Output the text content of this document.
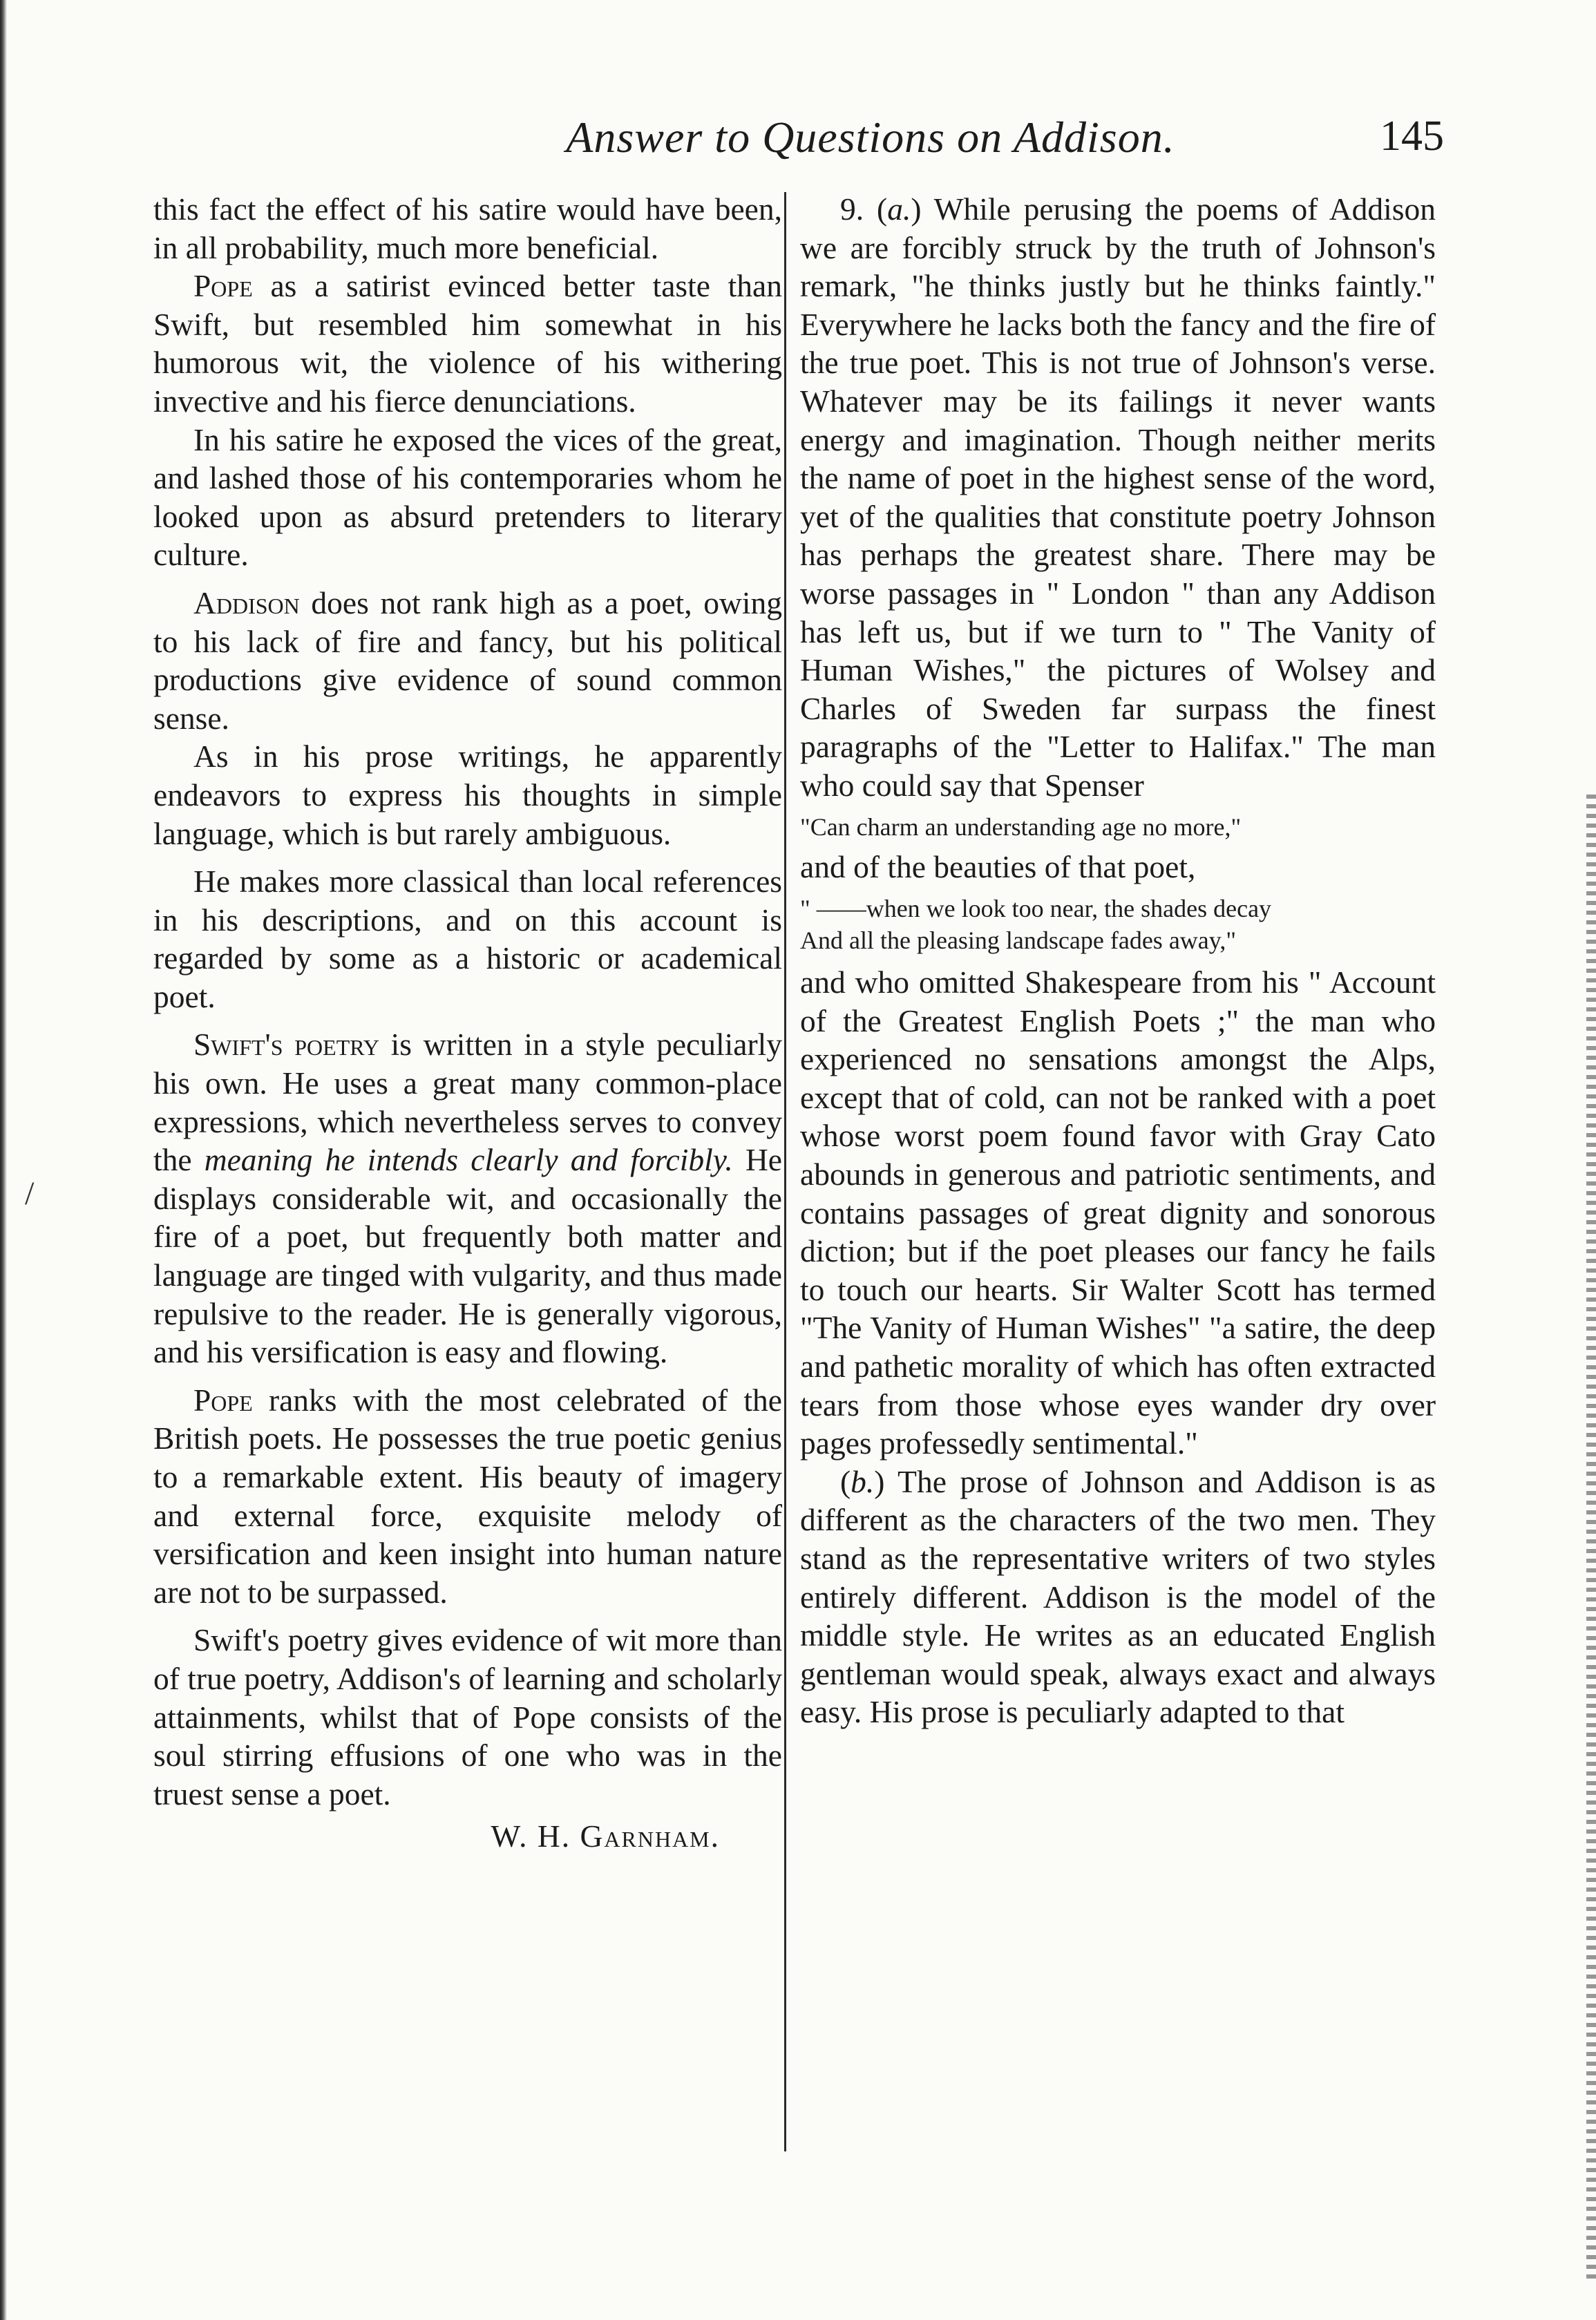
/
Answer to Questions on Addison.	145

this fact the effect of his satire would have been, in all probability, much more beneficial.

Pope as a satirist evinced better taste than Swift, but resembled him somewhat in his humorous wit, the violence of his withering invective and his fierce denunciations.

In his satire he exposed the vices of the great, and lashed those of his contemporaries whom he looked upon as absurd pretenders to literary culture.

Addison does not rank high as a poet, owing to his lack of fire and fancy, but his political productions give evidence of sound common sense.

As in his prose writings, he apparently endeavors to express his thoughts in simple language, which is but rarely ambiguous.

He makes more classical than local references in his descriptions, and on this account is regarded by some as a historic or academical poet.

Swift's poetry is written in a style peculiarly his own. He uses a great many common-place expressions, which nevertheless serves to convey the meaning he intends clearly and forcibly. He displays considerable wit, and occasionally the fire of a poet, but frequently both matter and language are tinged with vulgarity, and thus made repulsive to the reader. He is generally vigorous, and his versification is easy and flowing.

Pope ranks with the most celebrated of the British poets. He possesses the true poetic genius to a remarkable extent. His beauty of imagery and external force, exquisite melody of versification and keen insight into human nature are not to be surpassed.

Swift's poetry gives evidence of wit more than of true poetry, Addison's of learning and scholarly attainments, whilst that of Pope consists of the soul stirring effusions of one who was in the truest sense a poet.

W. H. Garnham.

9. (a.) While perusing the poems of Addison we are forcibly struck by the truth of Johnson's remark, "he thinks justly but he thinks faintly." Everywhere he lacks both the fancy and the fire of the true poet. This is not true of Johnson's verse. Whatever may be its failings it never wants energy and imagination. Though neither merits the name of poet in the highest sense of the word, yet of the qualities that constitute poetry Johnson has perhaps the greatest share. There may be worse passages in " London " than any Addison has left us, but if we turn to " The Vanity of Human Wishes," the pictures of Wolsey and Charles of Sweden far surpass the finest paragraphs of the "Letter to Halifax." The man who could say that Spenser

"Can charm an understanding age no more,"

and of the beauties of that poet,

" ——when we look too near, the shades decay
And all the pleasing landscape fades away,"

and who omitted Shakespeare from his " Account of the Greatest English Poets ;" the man who experienced no sensations amongst the Alps, except that of cold, can not be ranked with a poet whose worst poem found favor with Gray Cato abounds in generous and patriotic sentiments, and contains passages of great dignity and sonorous diction; but if the poet pleases our fancy he fails to touch our hearts. Sir Walter Scott has termed "The Vanity of Human Wishes" "a satire, the deep and pathetic morality of which has often extracted tears from those whose eyes wander dry over pages professedly sentimental."

(b.) The prose of Johnson and Addison is as different as the characters of the two men. They stand as the representative writers of two styles entirely different. Addison is the model of the middle style. He writes as an educated English gentleman would speak, always exact and always easy. His prose is peculiarly adapted to that
